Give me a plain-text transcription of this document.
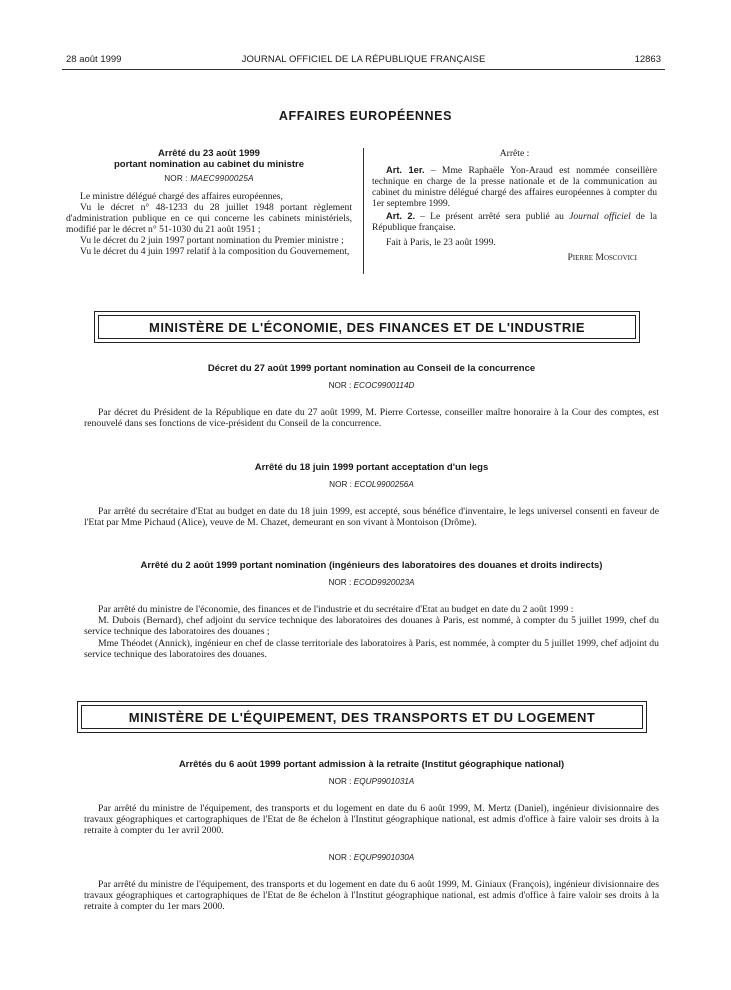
28 août 1999	JOURNAL OFFICIEL DE LA RÉPUBLIQUE FRANÇAISE	12863
AFFAIRES EUROPÉENNES
Arrêté du 23 août 1999
portant nomination au cabinet du ministre
NOR : MAEC9900025A

Le ministre délégué chargé des affaires européennes,

Vu le décret n° 48-1233 du 28 juillet 1948 portant règlement d'administration publique en ce qui concerne les cabinets ministériels, modifié par le décret n° 51-1030 du 21 août 1951 ;

Vu le décret du 2 juin 1997 portant nomination du Premier ministre ;

Vu le décret du 4 juin 1997 relatif à la composition du Gouvernement,

Arrête :

Art. 1er. – Mme Raphaële Yon-Araud est nommée conseillère technique en charge de la presse nationale et de la communication au cabinet du ministre délégué chargé des affaires européennes à compter du 1er septembre 1999.

Art. 2. – Le présent arrêté sera publié au Journal officiel de la République française.

Fait à Paris, le 23 août 1999.

Pierre Moscovici
MINISTÈRE DE L'ÉCONOMIE, DES FINANCES ET DE L'INDUSTRIE
Décret du 27 août 1999 portant nomination au Conseil de la concurrence
NOR : ECOC9900114D

Par décret du Président de la République en date du 27 août 1999, M. Pierre Cortesse, conseiller maître honoraire à la Cour des comptes, est renouvelé dans ses fonctions de vice-président du Conseil de la concurrence.

Arrêté du 18 juin 1999 portant acceptation d'un legs
NOR : ECOL9900256A

Par arrêté du secrétaire d'Etat au budget en date du 18 juin 1999, est accepté, sous bénéfice d'inventaire, le legs universel consenti en faveur de l'Etat par Mme Pichaud (Alice), veuve de M. Chazet, demeurant en son vivant à Montoison (Drôme).

Arrêté du 2 août 1999 portant nomination (ingénieurs des laboratoires des douanes et droits indirects)
NOR : ECOD9920023A

Par arrêté du ministre de l'économie, des finances et de l'industrie et du secrétaire d'Etat au budget en date du 2 août 1999 :

M. Dubois (Bernard), chef adjoint du service technique des laboratoires des douanes à Paris, est nommé, à compter du 5 juillet 1999, chef du service technique des laboratoires des douanes ;

Mme Théodet (Annick), ingénieur en chef de classe territoriale des laboratoires à Paris, est nommée, à compter du 5 juillet 1999, chef adjoint du service technique des laboratoires des douanes.

MINISTÈRE DE L'ÉQUIPEMENT, DES TRANSPORTS ET DU LOGEMENT
Arrêtés du 6 août 1999 portant admission à la retraite (Institut géographique national)
NOR : EQUP9901031A

Par arrêté du ministre de l'équipement, des transports et du logement en date du 6 août 1999, M. Mertz (Daniel), ingénieur divisionnaire des travaux géographiques et cartographiques de l'Etat de 8e échelon à l'Institut géographique national, est admis d'office à faire valoir ses droits à la retraite à compter du 1er avril 2000.

NOR : EQUP9901030A

Par arrêté du ministre de l'équipement, des transports et du logement en date du 6 août 1999, M. Giniaux (François), ingénieur divisionnaire des travaux géographiques et cartographiques de l'Etat de 8e échelon à l'Institut géographique national, est admis d'office à faire valoir ses droits à la retraite à compter du 1er mars 2000.
